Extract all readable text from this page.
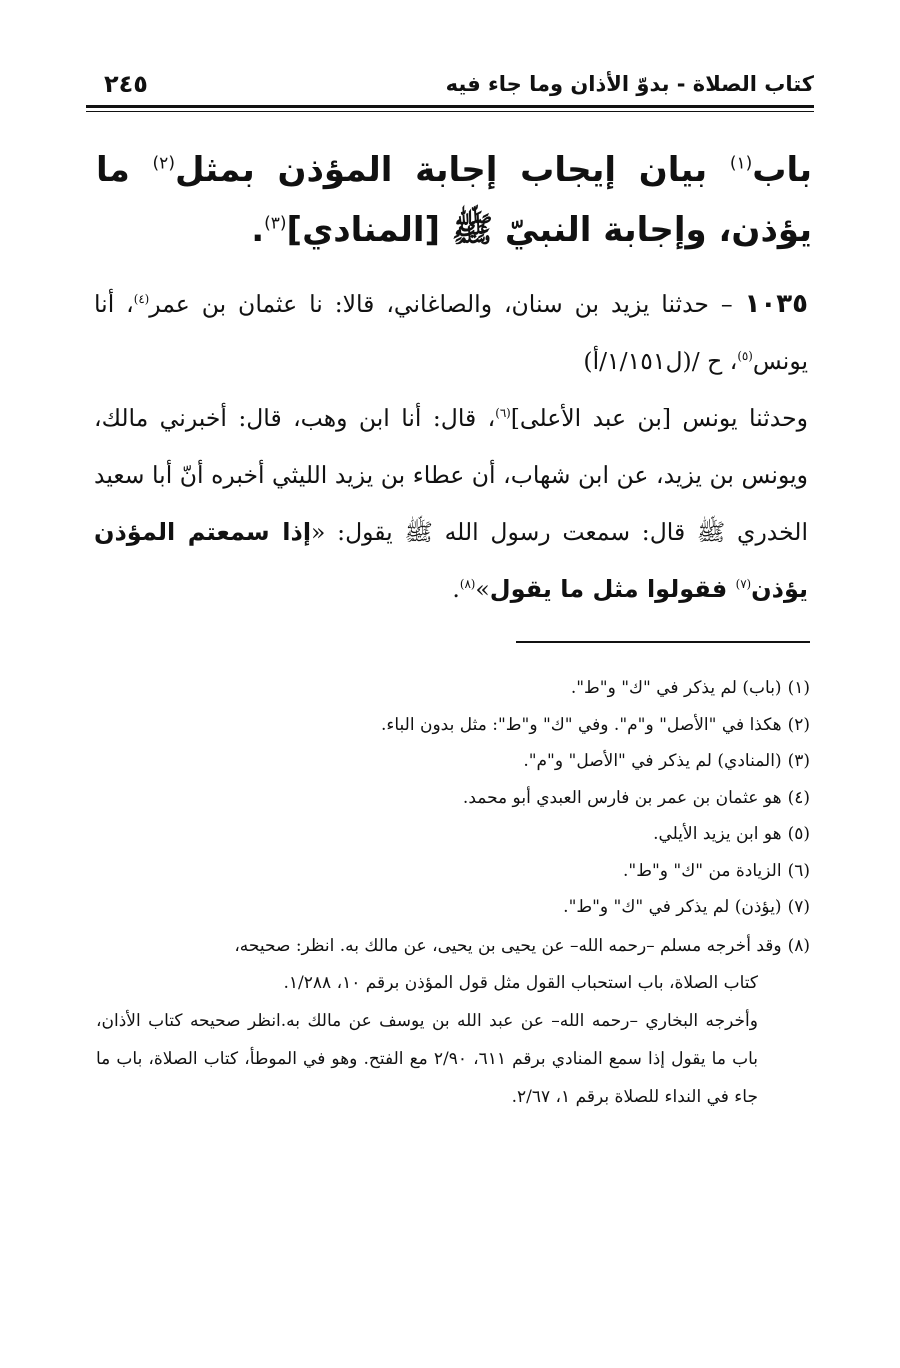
كتاب الصلاة - بدوّ الأذان وما جاء فيه
٢٤٥
باب$^{(١)}$ بيان إيجاب إجابة المؤذن بمثل$^{(٢)}$ ما يؤذن، وإجابة النبيّ ﷺ [المنادي]$^{(٣)}$.
١٠٣٥ – حدثنا يزيد بن سنان، والصاغاني، قالا: نا عثمان بن عمر$^{(٤)}$، أنا يونس$^{(٥)}$، ح /(ل١/١٥١/أ)
وحدثنا يونس [بن عبد الأعلى]$^{(٦)}$، قال: أنا ابن وهب، قال: أخبرني مالك، ويونس بن يزيد، عن ابن شهاب، أن عطاء بن يزيد الليثي أخبره أنّ أبا سعيد الخدري ﷺ قال: سمعت رسول الله ﷺ يقول: «إذا سمعتم المؤذن يؤذن$^{(٧)}$ فقولوا مثل ما يقول»$^{(٨)}$.

(١)(باب) لم يذكر في "ك" و"ط".

(٢)هكذا في "الأصل" و"م". وفي "ك" و"ط": مثل بدون الباء.

(٣)(المنادي) لم يذكر في "الأصل" و"م".

(٤)هو عثمان بن عمر بن فارس العبدي أبو محمد.

(٥)هو ابن يزيد الأيلي.

(٦)الزيادة من "ك" و"ط".

(٧)(يؤذن) لم يذكر في "ك" و"ط".

(٨)وقد أخرجه مسلم –رحمه الله– عن يحيى بن يحيى، عن مالك به. انظر: صحيحه،

كتاب الصلاة، باب استحباب القول مثل قول المؤذن برقم ١٠، ١/٢٨٨.
وأخرجه البخاري –رحمه الله– عن عبد الله بن يوسف عن مالك به.انظر صحيحه كتاب الأذان، باب ما يقول إذا سمع المنادي برقم ٦١١، ٢/٩٠ مع الفتح. وهو في الموطأ، كتاب الصلاة، باب ما جاء في النداء للصلاة برقم ١، ٢/٦٧.
